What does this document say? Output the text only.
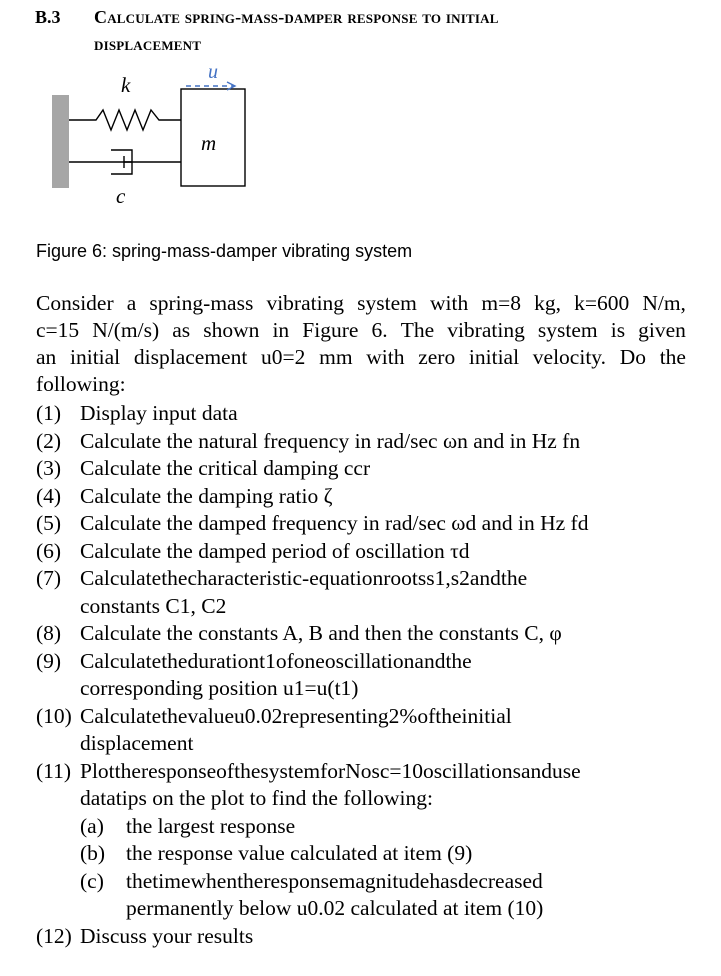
B.3 Calculate spring-mass-damper response to initial
displacement
k
u
m
c
Figure 6: spring-mass-damper vibrating system
Consider a spring-mass vibrating system with m=8 kg, k=600 N/m,
c=15 N/(m/s) as shown in Figure 6. The vibrating system is given
an initial displacement u0=2 mm with zero initial velocity. Do the
following:
(1) Display input data
(2) Calculate the natural frequency in rad/sec ωn and in Hz fn
(3) Calculate the critical damping ccr
(4) Calculate the damping ratio ζ
(5) Calculate the damped frequency in rad/sec ωd and in Hz fd
(6) Calculate the damped period of oscillation τd
(7) Calculatethecharacteristic-equationrootss1,s2andthe
constants C1, C2
(8) Calculate the constants A, B and then the constants C, φ
(9) Calculatethedurationt1ofoneoscillationandthe
corresponding position u1=u(t1)
(10) Calculatethevalueu0.02representing2%oftheinitial
displacement
(11) PlottheresponseofthesystemforNosc=10oscillationsanduse
datatips on the plot to find the following:
(a) the largest response
(b) the response value calculated at item (9)
(c) thetimewhentheresponsemagnitudehasdecreased
permanently below u0.02 calculated at item (10)
(12) Discuss your results
